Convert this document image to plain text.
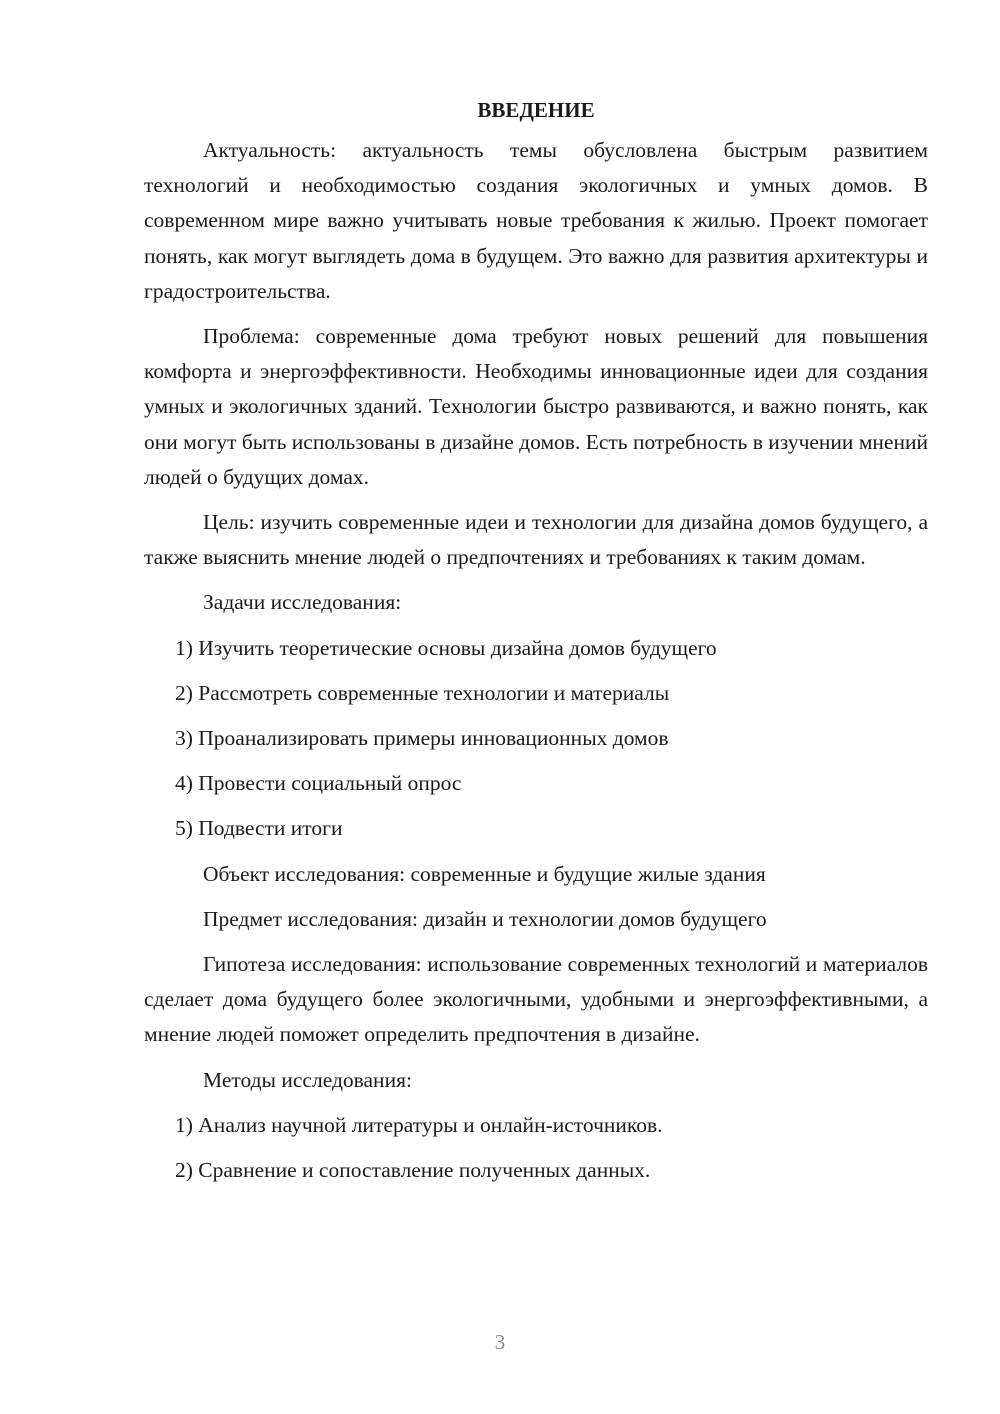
ВВЕДЕНИЕ

Актуальность: актуальность темы обусловлена быстрым развитием технологий и необходимостью создания экологичных и умных домов. В современном мире важно учитывать новые требования к жилью. Проект помогает понять, как могут выглядеть дома в будущем. Это важно для развития архитектуры и градостроительства.

Проблема: современные дома требуют новых решений для повышения комфорта и энергоэффективности. Необходимы инновационные идеи для создания умных и экологичных зданий. Технологии быстро развиваются, и важно понять, как они могут быть использованы в дизайне домов. Есть потребность в изучении мнений людей о будущих домах.

Цель: изучить современные идеи и технологии для дизайна домов будущего, а также выяснить мнение людей о предпочтениях и требованиях к таким домам.

Задачи исследования:

1) Изучить теоретические основы дизайна домов будущего

2) Рассмотреть современные технологии и материалы

3) Проанализировать примеры инновационных домов

4) Провести социальный опрос

5) Подвести итоги

Объект исследования: современные и будущие жилые здания

Предмет исследования: дизайн и технологии домов будущего

Гипотеза исследования: использование современных технологий и материалов сделает дома будущего более экологичными, удобными и энергоэффективными, а мнение людей поможет определить предпочтения в дизайне.

Методы исследования:

1) Анализ научной литературы и онлайн-источников.

2) Сравнение и сопоставление полученных данных.

3
